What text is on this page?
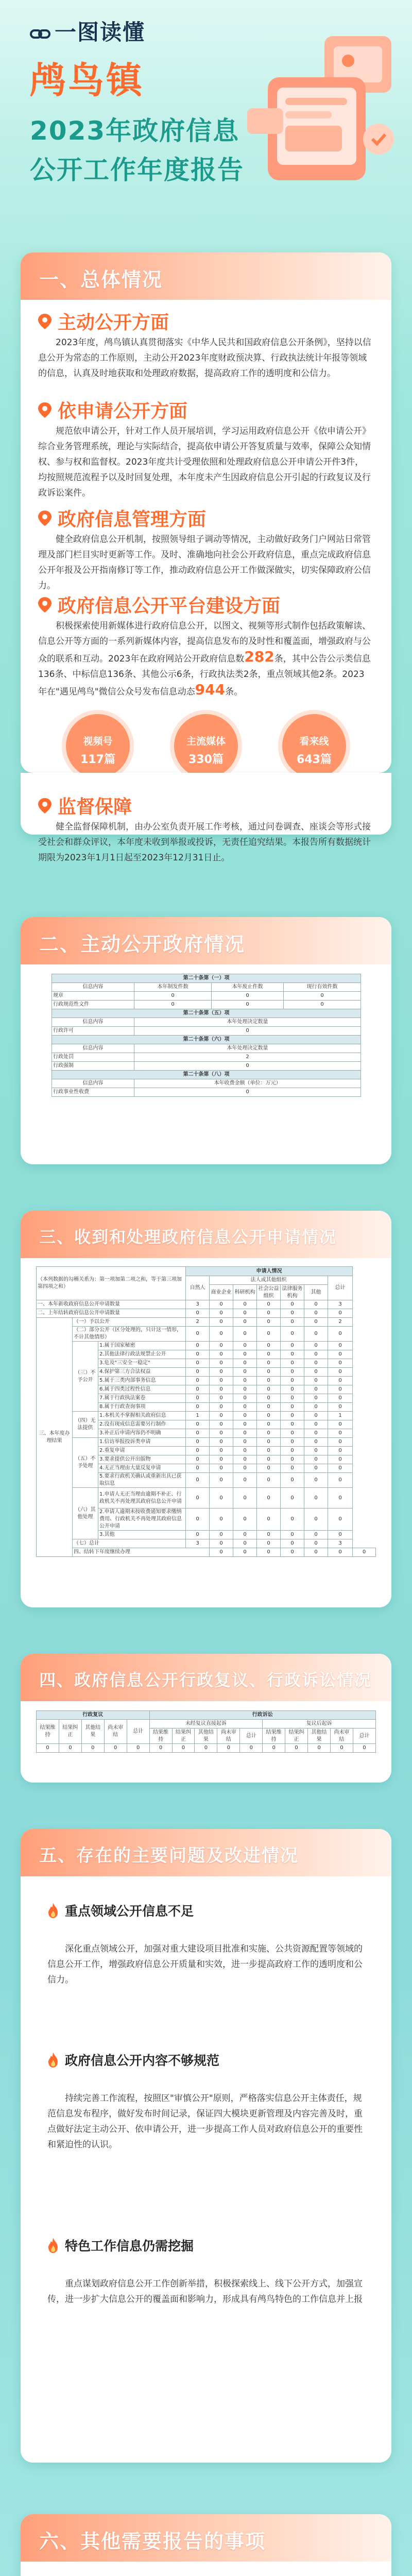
一图读懂
鸬鸟镇
2023年政府信息
公开工作年度报告
一、总体情况
主动公开方面
2023年度，鸬鸟镇认真贯彻落实《中华人民共和国政府信息公开条例》，坚持以信息公开为常态的工作原则，主动公开2023年度财政预决算、行政执法统计年报等领域的信息，认真及时地获取和处理政府数据，提高政府工作的透明度和公信力。
依申请公开方面
规范依申请公开，针对工作人员开展培训，学习运用政府信息公开《依申请公开》综合业务管理系统，理论与实际结合，提高依申请公开答复质量与效率，保障公众知情权、参与权和监督权。2023年度共计受理依照和处理政府信息公开申请公开件3件，均按照规范流程予以及时回复处理，本年度未产生因政府信息公开引起的行政复议及行政诉讼案件。
政府信息管理方面
健全政府信息公开机制，按照领导组子调动等情况，主动做好政务门户网站日常管理及部门栏目实时更新等工作。及时、准确地向社会公开政府信息，重点完成政府信息公开年报及公开指南修订等工作，推动政府信息公开工作做深做实，切实保障政府公信力。
政府信息公开平台建设方面
积极探索使用新媒体进行政府信息公开，以图文、视频等形式制作包括政策解读、信息公开等方面的一系列新媒体内容，提高信息发布的及时性和覆盖面，增强政府与公众的联系和互动。2023年在政府网站公开政府信息数282条，其中公告公示类信息136条、中标信息136条、其他公示6条，行政执法类2条，重点领域其他2条。2023年在"遇见鸬鸟"微信公众号发布信息动态944条。
视频号
117篇
主流媒体
330篇
看来线
643篇
监督保障
健全监督保障机制，由办公室负责开展工作考核，通过问卷调查、座谈会等形式接受社会和群众评议，本年度未收到举报或投诉，无责任追究结果。本报告所有数据统计期限为2023年1月1日起至2023年12月31日止。
二、主动公开政府情况
第二十条第（一）项			
信息内容	本年制发件数	本年废止件数	现行有效件数
规章	0	0	0
行政规范性文件	0	0	0
第二十条第（五）项			
信息内容	本年处理决定数量		
行政许可	0		
第二十条第（六）项			
信息内容	本年处理决定数量		
行政处罚	2		
行政强制	0		
第二十条第（八）项			
信息内容	本年收费金额（单位：万元）		
行政事业性收费	0		
三、收到和处理政府信息公开申请情况
（本列数据的勾稽关系为：第一项加第二项之和，等于第三项加第四项之和）			申请人情况							
			自然人	法人或其他组织					总计	
				商业企业	科研机构	社会公益组织	法律服务机构	其他		
一、本年新收政府信息公开申请数量			3	0	0	0	0	0	3	
二、上年结转政府信息公开申请数量			0	0	0	0	0	0	0	
三、本年度办理结果	（一）予以公开		2	0	0	0	0	0	2	
	（二）部分公开（区分处理的，只计这一情形，不计其他情形）		0	0	0	0	0	0	0	
	（三）不予公开	1.属于国家秘密	0	0	0	0	0	0	0	
		2.其他法律行政法规禁止公开	0	0	0	0	0	0	0	
		3.危及"三安全一稳定"	0	0	0	0	0	0	0	
		4.保护第三方合法权益	0	0	0	0	0	0	0	
		5.属于三类内部事务信息	0	0	0	0	0	0	0	
		6.属于四类过程性信息	0	0	0	0	0	0	0	
		7.属于行政执法案卷	0	0	0	0	0	0	0	
		8.属于行政查询事项	0	0	0	0	0	0	0	
	（四）无法提供	1.本机关不掌握相关政府信息	1	0	0	0	0	0	1	
		2.没有现成信息需要另行制作	0	0	0	0	0	0	0	
		3.补正后申请内容仍不明确	0	0	0	0	0	0	0	
	（五）不予处理	1.信访举报投诉类申请	0	0	0	0	0	0	0	
		2.重复申请	0	0	0	0	0	0	0	
		3.要求提供公开出版物	0	0	0	0	0	0	0	
		4.无正当理由大量反复申请	0	0	0	0	0	0	0	
		5.要求行政机关确认或重新出具已获取信息	0	0	0	0	0	0	0	
	（六）其他处理	1.申请人无正当理由逾期不补正、行政机关不再处理其政府信息公开申请	0	0	0	0	0	0	0	
		2.申请人逾期未按收费通知要求缴纳费用、行政机关不再处理其政府信息公开申请	0	0	0	0	0	0	0	
		3.其他	0	0	0	0	0	0	0	
	（七）总计		3	0	0	0	0	0	3	
	四、结转下年度继续办理			0	0	0	0	0	0	0
四、政府信息公开行政复议、行政诉讼情况
行政复议					行政诉讼									
结果维持	结果纠正	其他结果	尚未审结	总计	未经复议直接起诉					复议后起诉				
					结果维持	结果纠正	其他结果	尚未审结	总计	结果维持	结果纠正	其他结果	尚未审结	总计
0	0	0	0	0	0	0	0	0	0	0	0	0	0	0
五、存在的主要问题及改进情况
重点领域公开信息不足
深化重点领域公开，加强对重大建设项目批准和实施、公共资源配置等领域的信息公开工作，增强政府信息公开质量和实效，进一步提高政府工作的透明度和公信力。
政府信息公开内容不够规范
持续完善工作流程，按照区"审慎公开"原则，严格落实信息公开主体责任，规范信息发布程序，做好发布时间记录，保证四大模块更新管理及内容完善及时，重点做好法定主动公开、依申请公开，进一步提高工作人员对政府信息公开的重要性和紧迫性的认识。
特色工作信息仍需挖掘
重点谋划政府信息公开工作创新举措，积极探索线上、线下公开方式，加强宣传，进一步扩大信息公开的覆盖面和影响力，形成具有鸬鸟特色的工作信息并上报
六、其他需要报告的事项
